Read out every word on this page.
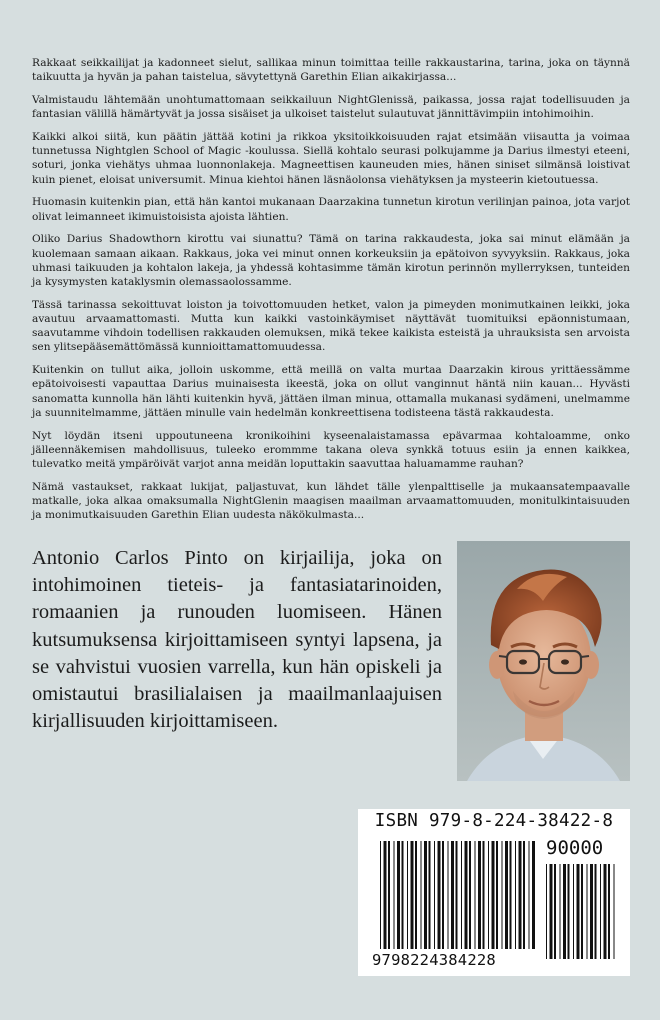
Rakkaat seikkailijat ja kadonneet sielut, sallikaa minun toimittaa teille rakkaustarina, tarina, joka on täynnä taikuutta ja hyvän ja pahan taistelua, sävytettynä Garethin Elian aikakirjassa...

Valmistaudu lähtemään unohtumattomaan seikkailuun NightGlenissä, paikassa, jossa rajat todellisuuden ja fantasian välillä hämärtyvät ja jossa sisäiset ja ulkoiset taistelut sulautuvat jännittävimpiin intohimoihin.

Kaikki alkoi siitä, kun päätin jättää kotini ja rikkoa yksitoikkoisuuden rajat etsimään viisautta ja voimaa tunnetussa Nightglen School of Magic -koulussa. Siellä kohtalo seurasi polkujamme ja Darius ilmestyi eteeni, soturi, jonka viehätys uhmaa luonnonlakeja. Magneettisen kauneuden mies, hänen siniset silmänsä loistivat kuin pienet, eloisat universumit. Minua kiehtoi hänen läsnäolonsa viehätyksen ja mysteerin kietoutuessa.

Huomasin kuitenkin pian, että hän kantoi mukanaan Daarzakina tunnetun kirotun verilinjan painoa, jota varjot olivat leimanneet ikimuistoisista ajoista lähtien.

Oliko Darius Shadowthorn kirottu vai siunattu? Tämä on tarina rakkaudesta, joka sai minut elämään ja kuolemaan samaan aikaan. Rakkaus, joka vei minut onnen korkeuksiin ja epätoivon syvyyksiin. Rakkaus, joka uhmasi taikuuden ja kohtalon lakeja, ja yhdessä kohtasimme tämän kirotun perinnön myllerryksen, tunteiden ja kysymysten kataklysmin olemassaolossamme.

Tässä tarinassa sekoittuvat loiston ja toivottomuuden hetket, valon ja pimeyden monimutkainen leikki, joka avautuu arvaamattomasti. Mutta kun kaikki vastoinkäymiset näyttävät tuomituiksi epäonnistumaan, saavutamme vihdoin todellisen rakkauden olemuksen, mikä tekee kaikista esteistä ja uhrauksista sen arvoista sen ylitsepääsemättömässä kunnioittamattomuudessa.

Kuitenkin on tullut aika, jolloin uskomme, että meillä on valta murtaa Daarzakin kirous yrittäessämme epätoivoisesti vapauttaa Darius muinaisesta ikeestä, joka on ollut vanginnut häntä niin kauan... Hyvästi sanomatta kunnolla hän lähti kuitenkin hyvä, jättäen ilman minua, ottamalla mukanasi sydämeni, unelmamme ja suunnitelmamme, jättäen minulle vain hedelmän konkreettisena todisteena tästä rakkaudesta.

Nyt löydän itseni uppoutuneena kronikoihini kyseenalaistamassa epävarmaa kohtaloamme, onko jälleennäkemisen mahdollisuus, tuleeko erommme takana oleva synkkä totuus esiin ja ennen kaikkea, tulevatko meitä ympäröivät varjot anna meidän loputtakin saavuttaa haluamamme rauhan?

Nämä vastaukset, rakkaat lukijat, paljastuvat, kun lähdet tälle ylenpalttiselle ja mukaansatempaavalle matkalle, joka alkaa omaksumalla NightGlenin maagisen maailman arvaamattomuuden, monitulkintaisuuden ja monimutkaisuuden Garethin Elian uudesta näkökulmasta...

Antonio Carlos Pinto on kirjailija, joka on intohimoinen tieteis- ja fantasiatarinoiden, romaanien ja runouden luomiseen. Hänen kutsumuksensa kirjoittamiseen syntyi lapsena, ja se vahvistui vuosien varrella, kun hän opiskeli ja omistautui brasilialaisen ja maailmanlaajuisen kirjallisuuden kirjoittamiseen.

ISBN 979-8-224-38422-8
90000
9798224384228
